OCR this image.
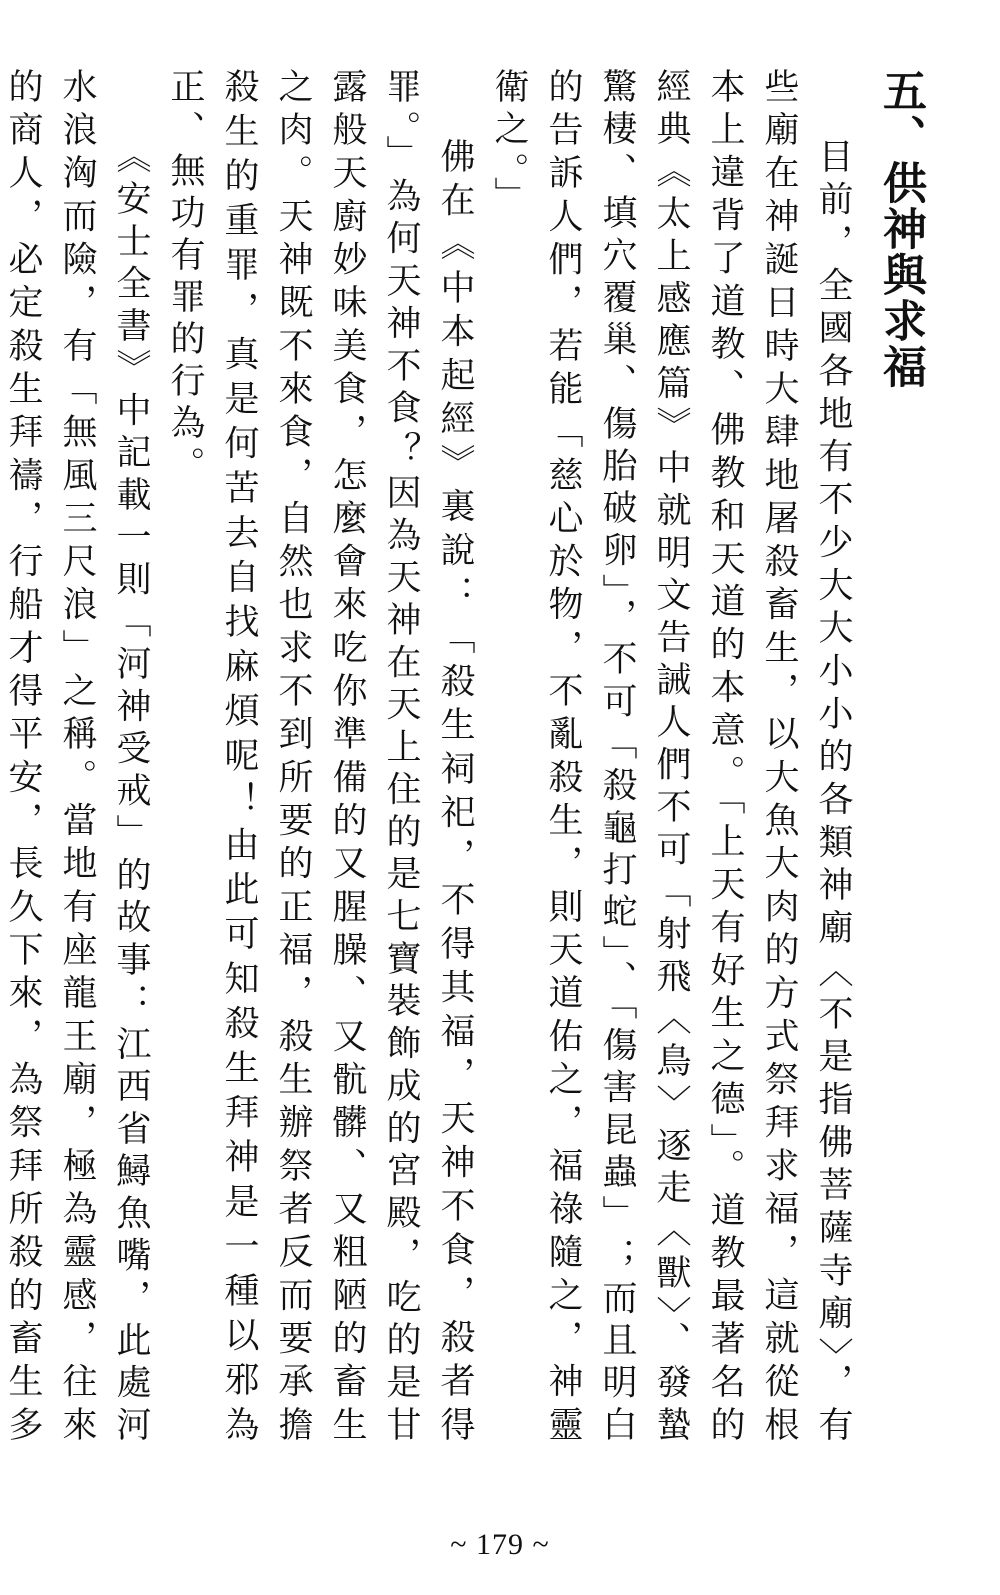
五、供神與求福

目前，全國各地有不少大大小小的各類神廟〈不是指佛菩薩寺廟〉，有些廟在神誕日時大肆地屠殺畜生，以大魚大肉的方式祭拜求福，這就從根本上違背了道教、佛教和天道的本意。「上天有好生之德」。道教最著名的經典《太上感應篇》中就明文告誡人們不可「射飛〈鳥〉逐走〈獸〉、發蟄驚棲、填穴覆巢、傷胎破卵」，不可「殺龜打蛇」、「傷害昆蟲」；而且明白的告訴人們，若能「慈心於物，不亂殺生，則天道佑之，福祿隨之，神靈衛之。」

佛在《中本起經》裏說：「殺生祠祀，不得其福，天神不食，殺者得罪。」為何天神不食？因為天神在天上住的是七寶裝飾成的宮殿，吃的是甘露般天廚妙味美食，怎麼會來吃你準備的又腥臊、又骯髒、又粗陋的畜生之肉。天神既不來食，自然也求不到所要的正福，殺生辦祭者反而要承擔殺生的重罪，真是何苦去自找麻煩呢！由此可知殺生拜神是一種以邪為正、無功有罪的行為。

《安士全書》中記載一則「河神受戒」的故事：江西省鱘魚嘴，此處河水浪洶而險，有「無風三尺浪」之稱。當地有座龍王廟，極為靈感，往來的商人，必定殺生拜禱，行船才得平安，長久下來，為祭拜所殺的畜生多

~ 179 ~
